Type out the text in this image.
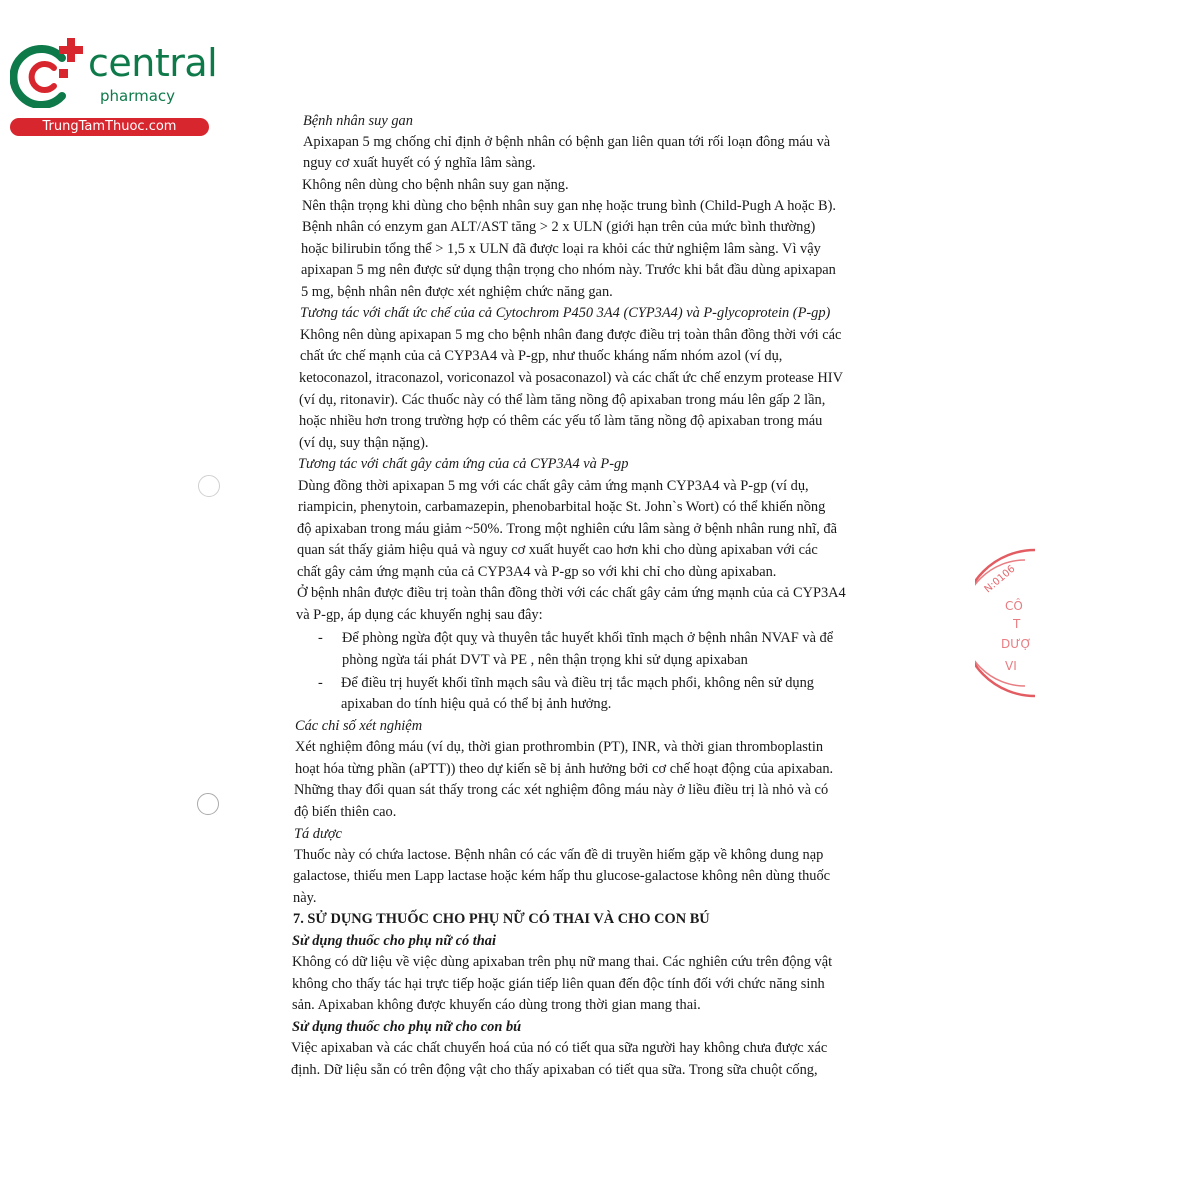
central
pharmacy
TrungTamThuoc.com
N:0106
CÔ
T
DƯỢ
VI
Bệnh nhân suy gan
Apixapan 5 mg chống chỉ định ở bệnh nhân có bệnh gan liên quan tới rối loạn đông máu và
nguy cơ xuất huyết có ý nghĩa lâm sàng.
Không nên dùng cho bệnh nhân suy gan nặng.
Nên thận trọng khi dùng cho bệnh nhân suy gan nhẹ hoặc trung bình (Child-Pugh A hoặc B).
Bệnh nhân có enzym gan ALT/AST tăng > 2 x ULN (giới hạn trên của mức bình thường)
hoặc bilirubin tổng thể > 1,5 x ULN đã được loại ra khỏi các thử nghiệm lâm sàng. Vì vậy
apixapan 5 mg nên được sử dụng thận trọng cho nhóm này. Trước khi bắt đầu dùng apixapan
5 mg, bệnh nhân nên được xét nghiệm chức năng gan.
Tương tác với chất ức chế của cả Cytochrom P450 3A4 (CYP3A4) và P-glycoprotein (P-gp)
Không nên dùng apixapan 5 mg cho bệnh nhân đang được điều trị toàn thân đồng thời với các
chất ức chế mạnh của cả CYP3A4 và P-gp, như thuốc kháng nấm nhóm azol (ví dụ,
ketoconazol, itraconazol, voriconazol và posaconazol) và các chất ức chế enzym protease HIV
(ví dụ, ritonavir). Các thuốc này có thể làm tăng nồng độ apixaban trong máu lên gấp 2 lần,
hoặc nhiều hơn trong trường hợp có thêm các yếu tố làm tăng nồng độ apixaban trong máu
(ví dụ, suy thận nặng).
Tương tác với chất gây cảm ứng của cả CYP3A4 và P-gp
Dùng đồng thời apixapan 5 mg với các chất gây cảm ứng mạnh CYP3A4 và P-gp (ví dụ,
riampicin, phenytoin, carbamazepin, phenobarbital hoặc St. John`s Wort) có thể khiến nồng
độ apixaban trong máu giảm ~50%. Trong một nghiên cứu lâm sàng ở bệnh nhân rung nhĩ, đã
quan sát thấy giảm hiệu quả và nguy cơ xuất huyết cao hơn khi cho dùng apixaban với các
chất gây cảm ứng mạnh của cả CYP3A4 và P-gp so với khi chỉ cho dùng apixaban.
Ở bệnh nhân được điều trị toàn thân đồng thời với các chất gây cảm ứng mạnh của cả CYP3A4
và P-gp, áp dụng các khuyến nghị sau đây:
- Để phòng ngừa đột quỵ và thuyên tắc huyết khối tĩnh mạch ở bệnh nhân NVAF và để
phòng ngừa tái phát DVT và PE , nên thận trọng khi sử dụng apixaban
- Để điều trị huyết khối tĩnh mạch sâu và điều trị tắc mạch phổi, không nên sử dụng
apixaban do tính hiệu quả có thể bị ảnh hưởng.
Các chỉ số xét nghiệm
Xét nghiệm đông máu (ví dụ, thời gian prothrombin (PT), INR, và thời gian thromboplastin
hoạt hóa từng phần (aPTT)) theo dự kiến sẽ bị ảnh hưởng bởi cơ chế hoạt động của apixaban.
Những thay đổi quan sát thấy trong các xét nghiệm đông máu này ở liều điều trị là nhỏ và có
độ biến thiên cao.
Tá dược
Thuốc này có chứa lactose. Bệnh nhân có các vấn đề di truyền hiếm gặp về không dung nạp
galactose, thiếu men Lapp lactase hoặc kém hấp thu glucose-galactose không nên dùng thuốc
này.
7. SỬ DỤNG THUỐC CHO PHỤ NỮ CÓ THAI VÀ CHO CON BÚ
Sử dụng thuốc cho phụ nữ có thai
Không có dữ liệu về việc dùng apixaban trên phụ nữ mang thai. Các nghiên cứu trên động vật
không cho thấy tác hại trực tiếp hoặc gián tiếp liên quan đến độc tính đối với chức năng sinh
sản. Apixaban không được khuyến cáo dùng trong thời gian mang thai.
Sử dụng thuốc cho phụ nữ cho con bú
Việc apixaban và các chất chuyển hoá của nó có tiết qua sữa người hay không chưa được xác
định. Dữ liệu sẵn có trên động vật cho thấy apixaban có tiết qua sữa. Trong sữa chuột cống,
